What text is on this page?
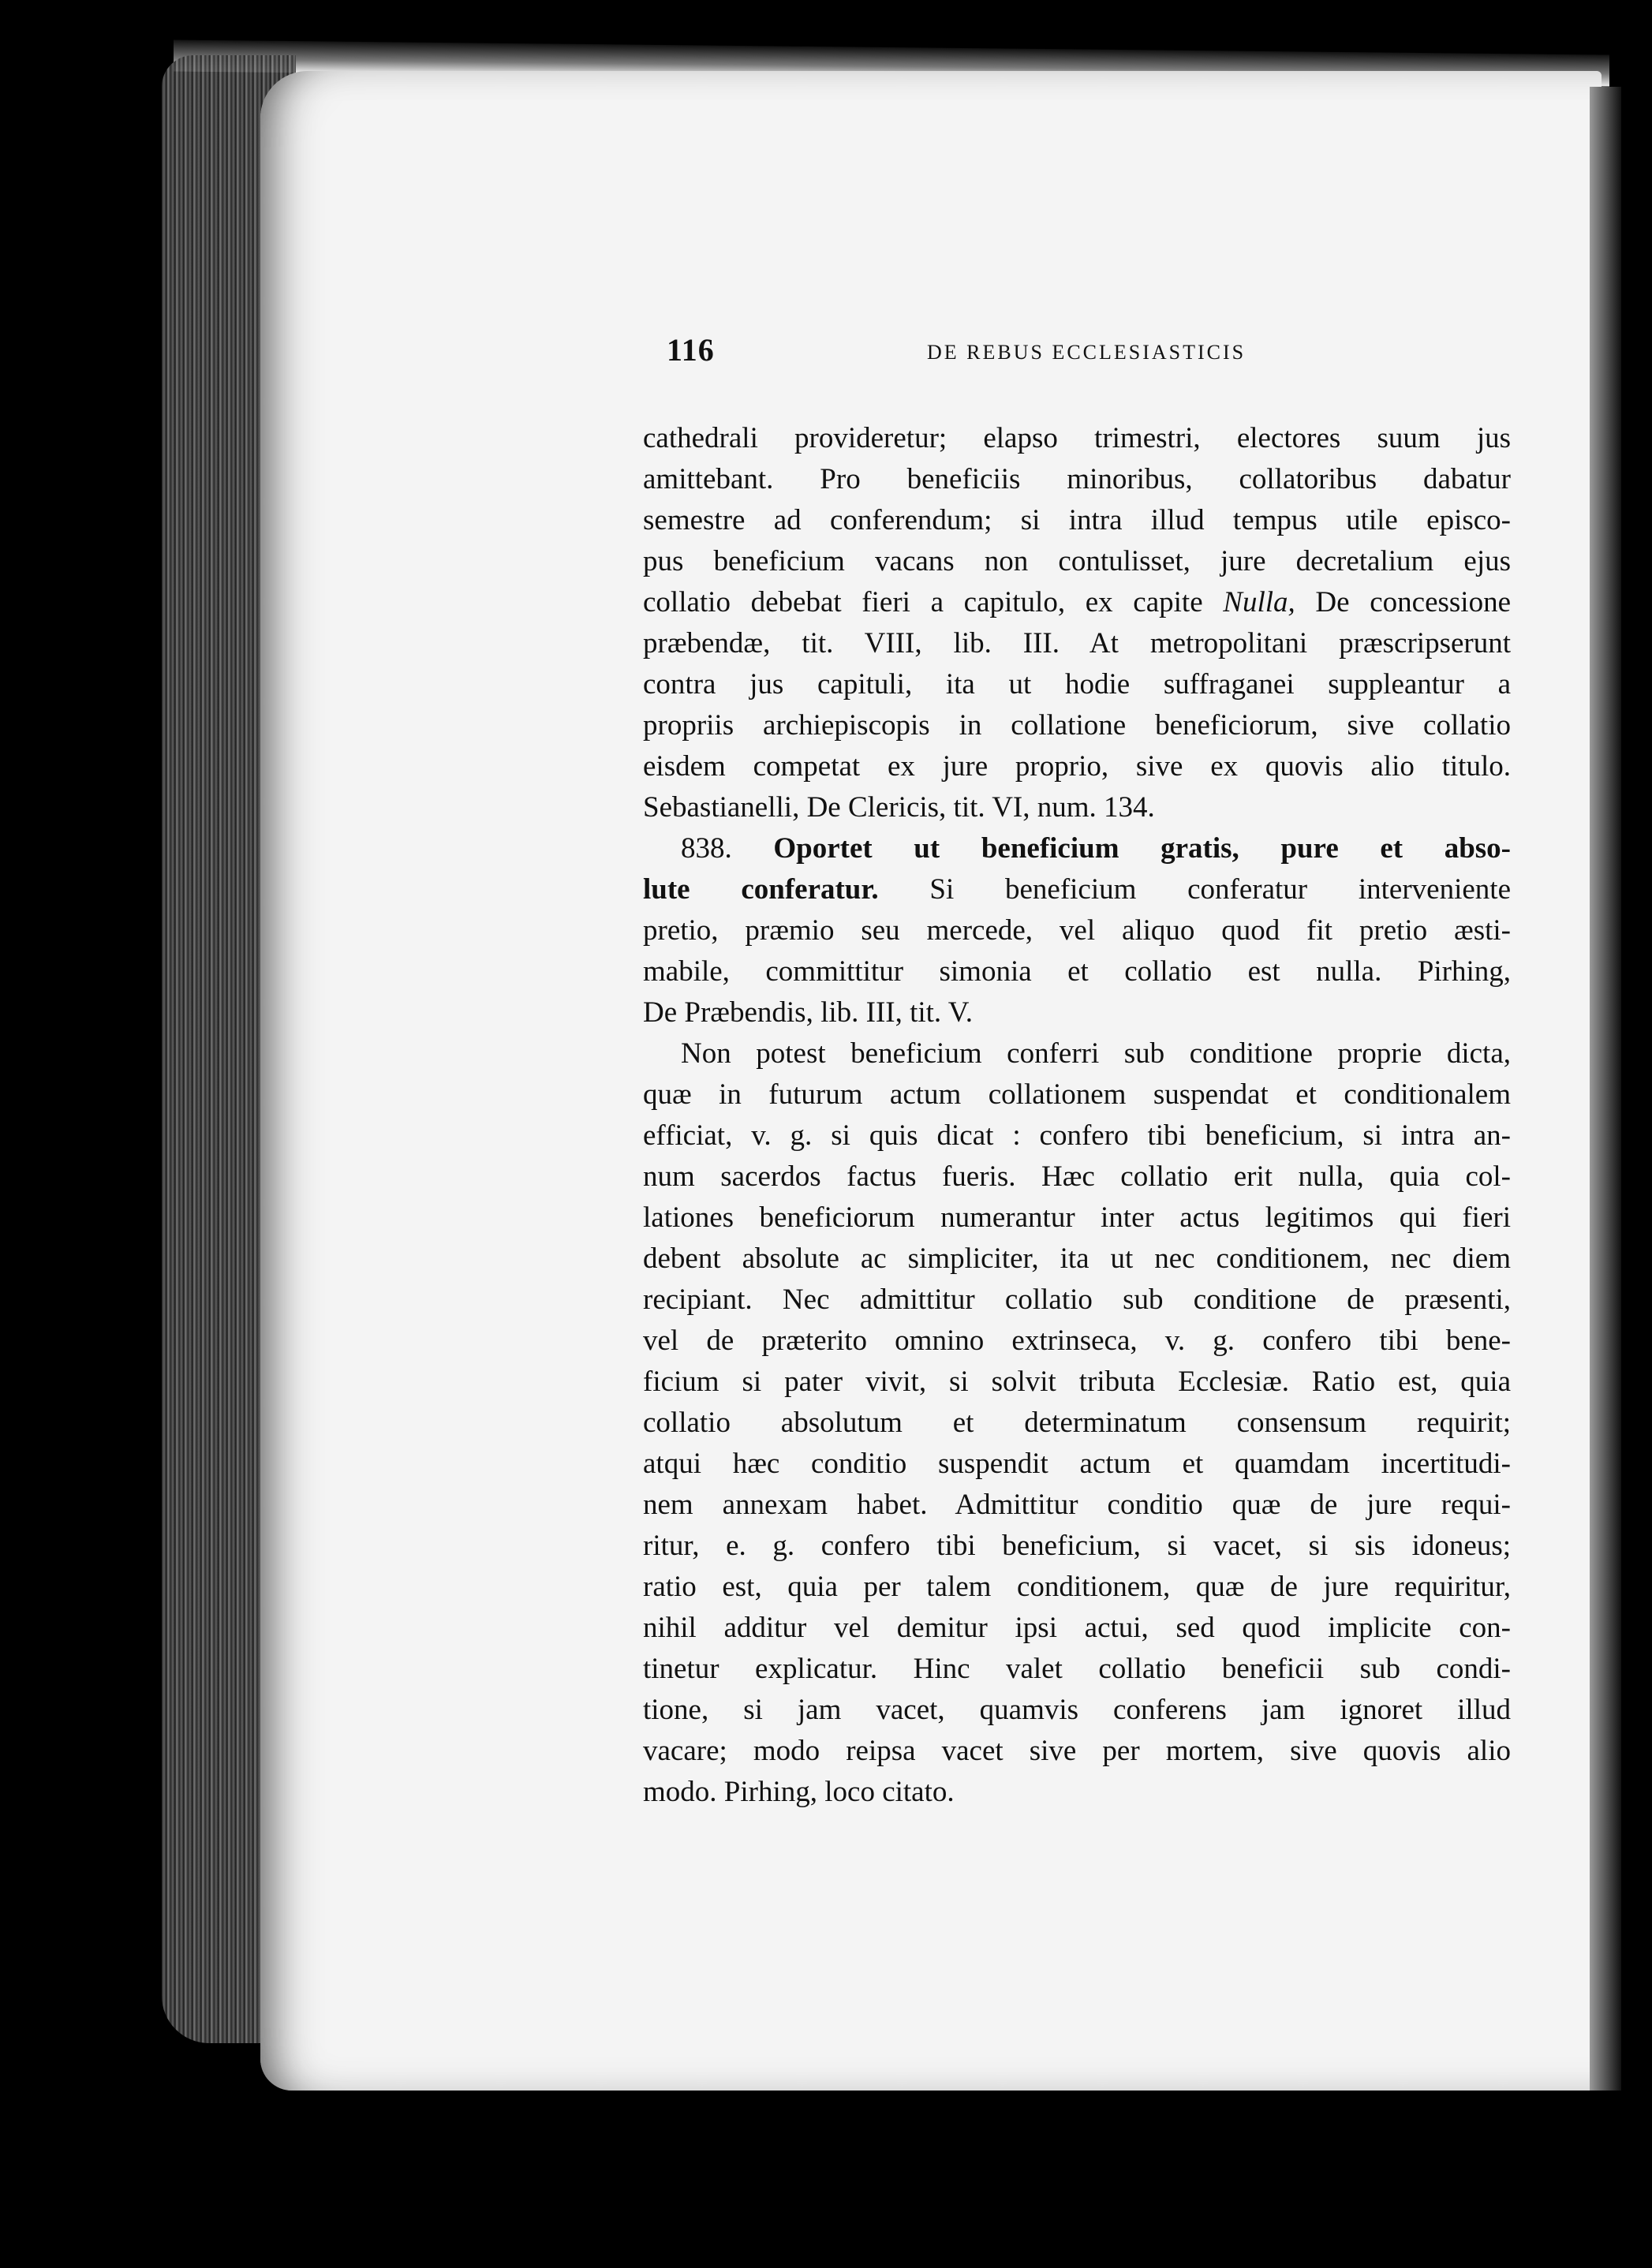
116	DE REBUS ECCLESIASTICIS
cathedrali provideretur; elapso trimestri, electores suum jus
amittebant. Pro beneficiis minoribus, collatoribus dabatur
semestre ad conferendum; si intra illud tempus utile episco-
pus beneficium vacans non contulisset, jure decretalium ejus
collatio debebat fieri a capitulo, ex capite Nulla, De concessione
præbendæ, tit. VIII, lib. III. At metropolitani præscripserunt
contra jus capituli, ita ut hodie suffraganei suppleantur a
propriis archiepiscopis in collatione beneficiorum, sive collatio
eisdem competat ex jure proprio, sive ex quovis alio titulo.
Sebastianelli, De Clericis, tit. VI, num. 134.
838. Oportet ut beneficium gratis, pure et abso-
lute conferatur. Si beneficium conferatur interveniente
pretio, præmio seu mercede, vel aliquo quod fit pretio æsti-
mabile, committitur simonia et collatio est nulla. Pirhing,
De Præbendis, lib. III, tit. V.
Non potest beneficium conferri sub conditione proprie dicta,
quæ in futurum actum collationem suspendat et conditionalem
efficiat, v. g. si quis dicat : confero tibi beneficium, si intra an-
num sacerdos factus fueris. Hæc collatio erit nulla, quia col-
lationes beneficiorum numerantur inter actus legitimos qui fieri
debent absolute ac simpliciter, ita ut nec conditionem, nec diem
recipiant. Nec admittitur collatio sub conditione de præsenti,
vel de præterito omnino extrinseca, v. g. confero tibi bene-
ficium si pater vivit, si solvit tributa Ecclesiæ. Ratio est, quia
collatio absolutum et determinatum consensum requirit;
atqui hæc conditio suspendit actum et quamdam incertitudi-
nem annexam habet. Admittitur conditio quæ de jure requi-
ritur, e. g. confero tibi beneficium, si vacet, si sis idoneus;
ratio est, quia per talem conditionem, quæ de jure requiritur,
nihil additur vel demitur ipsi actui, sed quod implicite con-
tinetur explicatur. Hinc valet collatio beneficii sub condi-
tione, si jam vacet, quamvis conferens jam ignoret illud
vacare; modo reipsa vacet sive per mortem, sive quovis alio
modo. Pirhing, loco citato.
